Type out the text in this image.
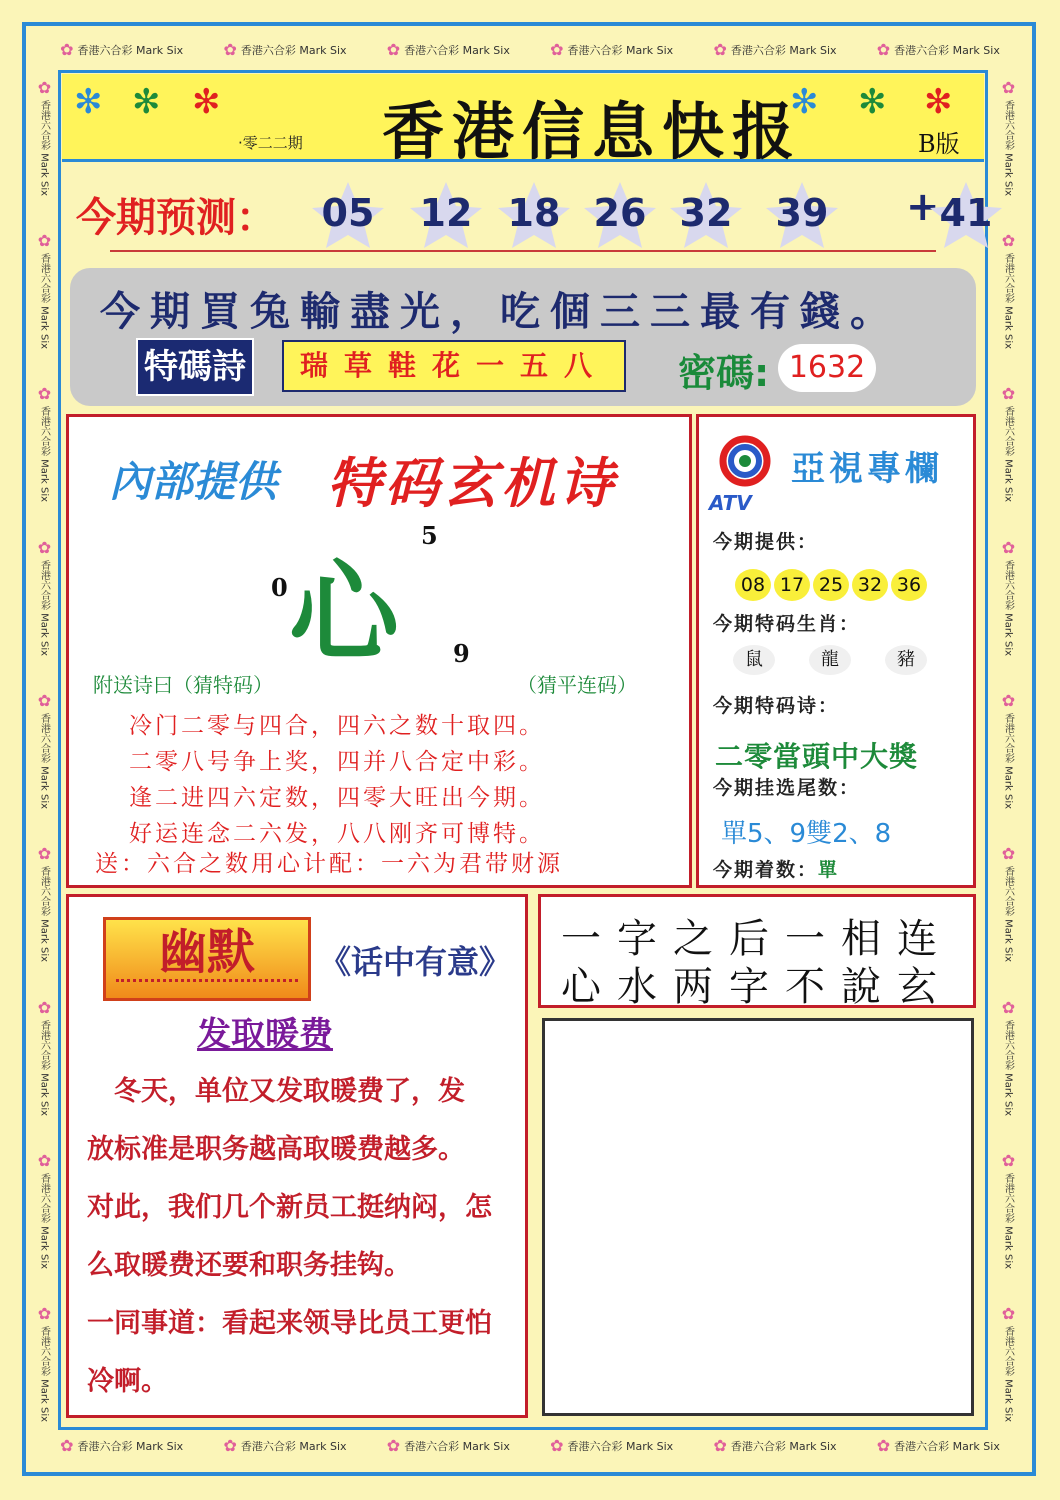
✿ 香港六合彩 Mark Six	✿ 香港六合彩 Mark Six	✿ 香港六合彩 Mark Six	✿ 香港六合彩 Mark Six	✿ 香港六合彩 Mark Six	✿ 香港六合彩 Mark Six
✿ 香港六合彩 Mark Six	✿ 香港六合彩 Mark Six	✿ 香港六合彩 Mark Six	✿ 香港六合彩 Mark Six	✿ 香港六合彩 Mark Six	✿ 香港六合彩 Mark Six
✿
香港六合彩 Mark Six
✿
香港六合彩 Mark Six
✿
香港六合彩 Mark Six
✿
香港六合彩 Mark Six
✿
香港六合彩 Mark Six
✿
香港六合彩 Mark Six
✿
香港六合彩 Mark Six
✿
香港六合彩 Mark Six
✿
香港六合彩 Mark Six
✿
香港六合彩 Mark Six
✿
香港六合彩 Mark Six
✿
香港六合彩 Mark Six
✿
香港六合彩 Mark Six
✿
香港六合彩 Mark Six
✿
香港六合彩 Mark Six
✿
香港六合彩 Mark Six
✿
香港六合彩 Mark Six
✿
香港六合彩 Mark Six
✻ ✻ ✻
·零二二期	香港信息快报
✻ ✻ ✻
B版
今期预测：	05	12 18 26 32	39	+ 41
今期買兔輸盡光，吃個三三最有錢。
特碼詩	瑞草鞋花一五八	密碼: 1632
內部提供 特码玄机诗
5
0 心 9
附送诗曰（猜特码）	（猜平连码）
冷门二零与四合，四六之数十取四。
二零八号争上奖，四并八合定中彩。
逢二进四六定数，四零大旺出今期。
好运连念二六发，八八刚齐可博特。
送：六合之数用心计配：一六为君带财源
ATV
亞視專欄
今期提供：
08 17 25 32 36
今期特码生肖：
鼠	龍	豬
今期特码诗：
二零當頭中大獎
今期挂选尾数：
單5、9雙2、8
今期着数：單
幽默	《话中有意》
发取暖费
　冬天，单位又发取暖费了，发
放标准是职务越高取暖费越多。
对此，我们几个新员工挺纳闷，怎
么取暖费还要和职务挂钩。
一同事道：看起来领导比员工更怕
冷啊。
一字之后一相连
心水两字不說玄
